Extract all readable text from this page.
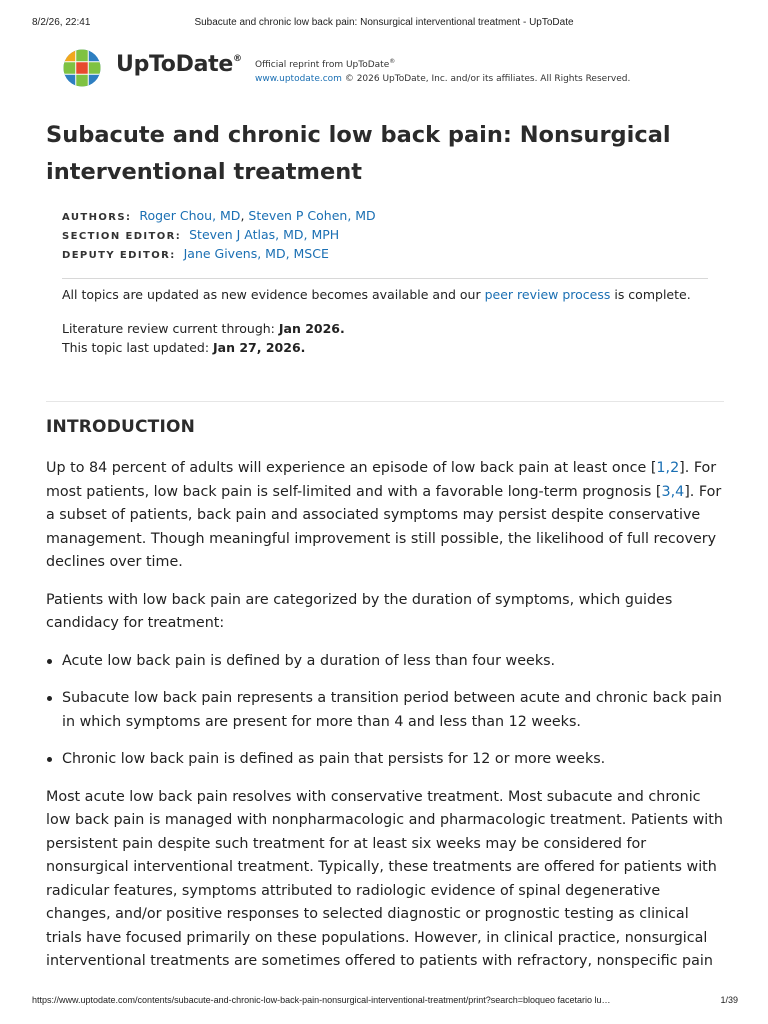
8/2/26, 22:41	Subacute and chronic low back pain: Nonsurgical interventional treatment - UpToDate
UpToDate®
Official reprint from UpToDate®
www.uptodate.com © 2026 UpToDate, Inc. and/or its affiliates. All Rights Reserved.
Subacute and chronic low back pain: Nonsurgical interventional treatment
AUTHORS: Roger Chou, MD, Steven P Cohen, MD
SECTION EDITOR: Steven J Atlas, MD, MPH
DEPUTY EDITOR: Jane Givens, MD, MSCE
All topics are updated as new evidence becomes available and our peer review process is complete.
Literature review current through: Jan 2026.
This topic last updated: Jan 27, 2026.
INTRODUCTION

Up to 84 percent of adults will experience an episode of low back pain at least once [1,2]. For most patients, low back pain is self-limited and with a favorable long-term prognosis [3,4]. For a subset of patients, back pain and associated symptoms may persist despite conservative management. Though meaningful improvement is still possible, the likelihood of full recovery declines over time.

Patients with low back pain are categorized by the duration of symptoms, which guides candidacy for treatment:

Acute low back pain is defined by a duration of less than four weeks.
Subacute low back pain represents a transition period between acute and chronic back pain in which symptoms are present for more than 4 and less than 12 weeks.
Chronic low back pain is defined as pain that persists for 12 or more weeks.

Most acute low back pain resolves with conservative treatment. Most subacute and chronic low back pain is managed with nonpharmacologic and pharmacologic treatment. Patients with persistent pain despite such treatment for at least six weeks may be considered for nonsurgical interventional treatment. Typically, these treatments are offered for patients with radicular features, symptoms attributed to radiologic evidence of spinal degenerative changes, and/or positive responses to selected diagnostic or prognostic testing as clinical trials have focused primarily on these populations. However, in clinical practice, nonsurgical interventional treatments are sometimes offered to patients with refractory, nonspecific pain

https://www.uptodate.com/contents/subacute-and-chronic-low-back-pain-nonsurgical-interventional-treatment/print?search=bloqueo facetario lu…	1/39
